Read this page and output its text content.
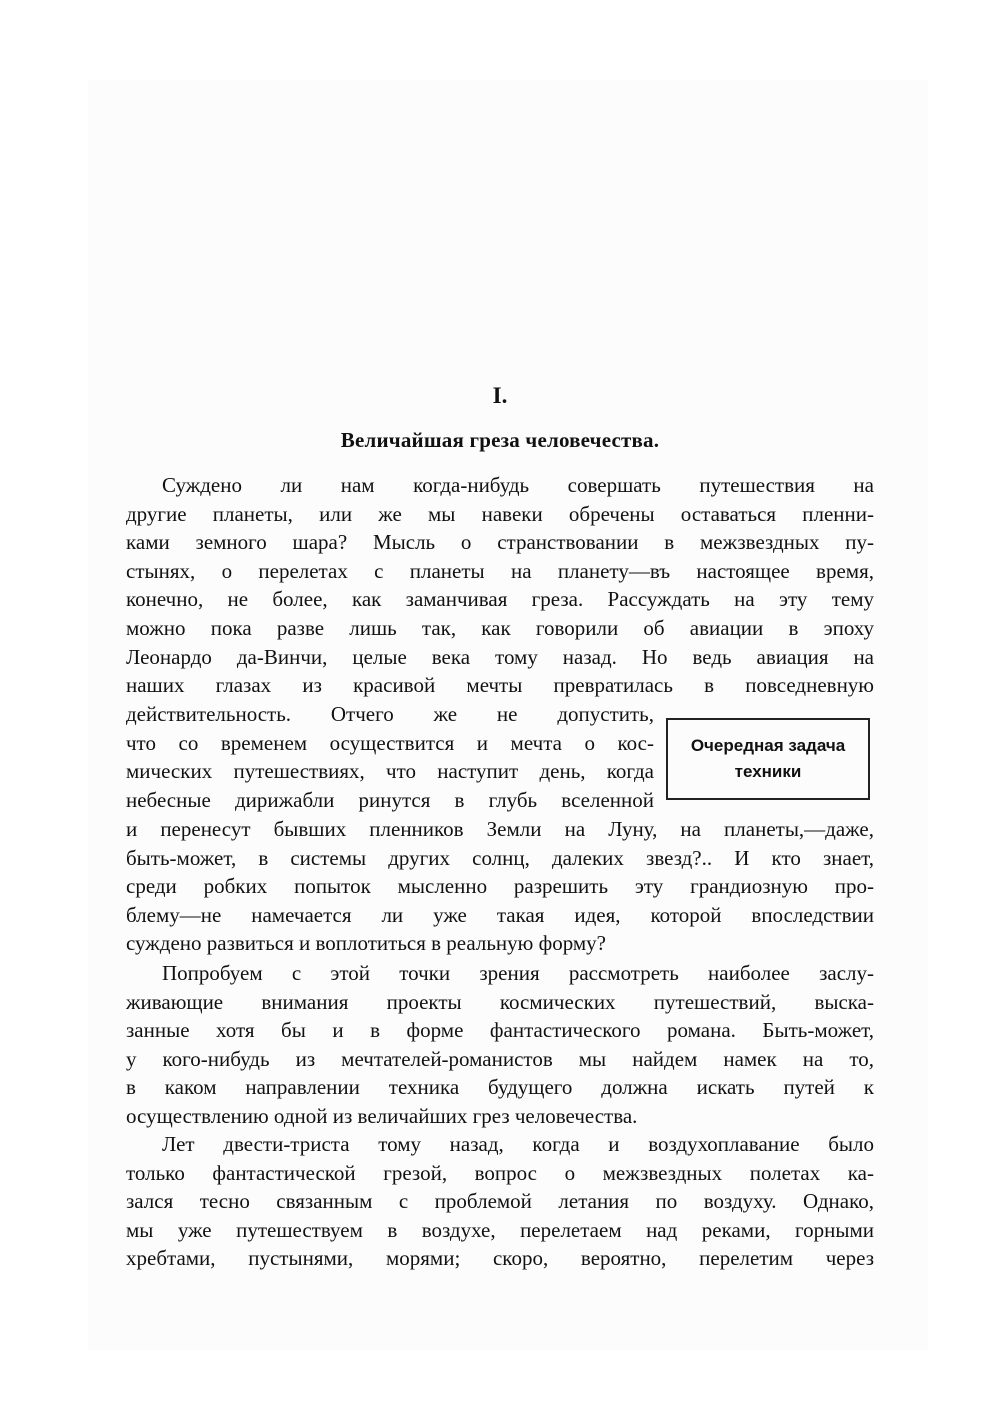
I.
Величайшая греза человечества.
Суждено ли нам когда-нибудь совершать путешествия на
другие планеты, или же мы навеки обречены оставаться пленни-
ками земного шара? Мысль о странствовании в межзвездных пу-
стынях, о перелетах с планеты на планету—въ настоящее время,
конечно, не более, как заманчивая греза. Рассуждать на эту тему
можно пока разве лишь так, как говорили об авиации в эпоху
Леонардо да-Винчи, целые века тому назад. Но ведь авиация на
наших глазах из красивой мечты превратилась в повседневную
действительность. Отчего же не допустить,
что со временем осуществится и мечта о кос-
мических путешествиях, что наступит день, когда
небесные дирижабли ринутся в глубь вселенной
Очередная задача
техники
и перенесут бывших пленников Земли на Луну, на планеты,—даже,
быть-может, в системы других солнц, далеких звезд?.. И кто знает,
среди робких попыток мысленно разрешить эту грандиозную про-
блему—не намечается ли уже такая идея, которой впоследствии
суждено развиться и воплотиться в реальную форму?
Попробуем с этой точки зрения рассмотреть наиболее заслу-
живающие внимания проекты космических путешествий, выска-
занные хотя бы и в форме фантастического романа. Быть-может,
у кого-нибудь из мечтателей-романистов мы найдем намек на то,
в каком направлении техника будущего должна искать путей к
осуществлению одной из величайших грез человечества.
Лет двести-триста тому назад, когда и воздухоплавание было
только фантастической грезой, вопрос о межзвездных полетах ка-
зался тесно связанным с проблемой летания по воздуху. Однако,
мы уже путешествуем в воздухе, перелетаем над реками, горными
хребтами, пустынями, морями; скоро, вероятно, перелетим через
